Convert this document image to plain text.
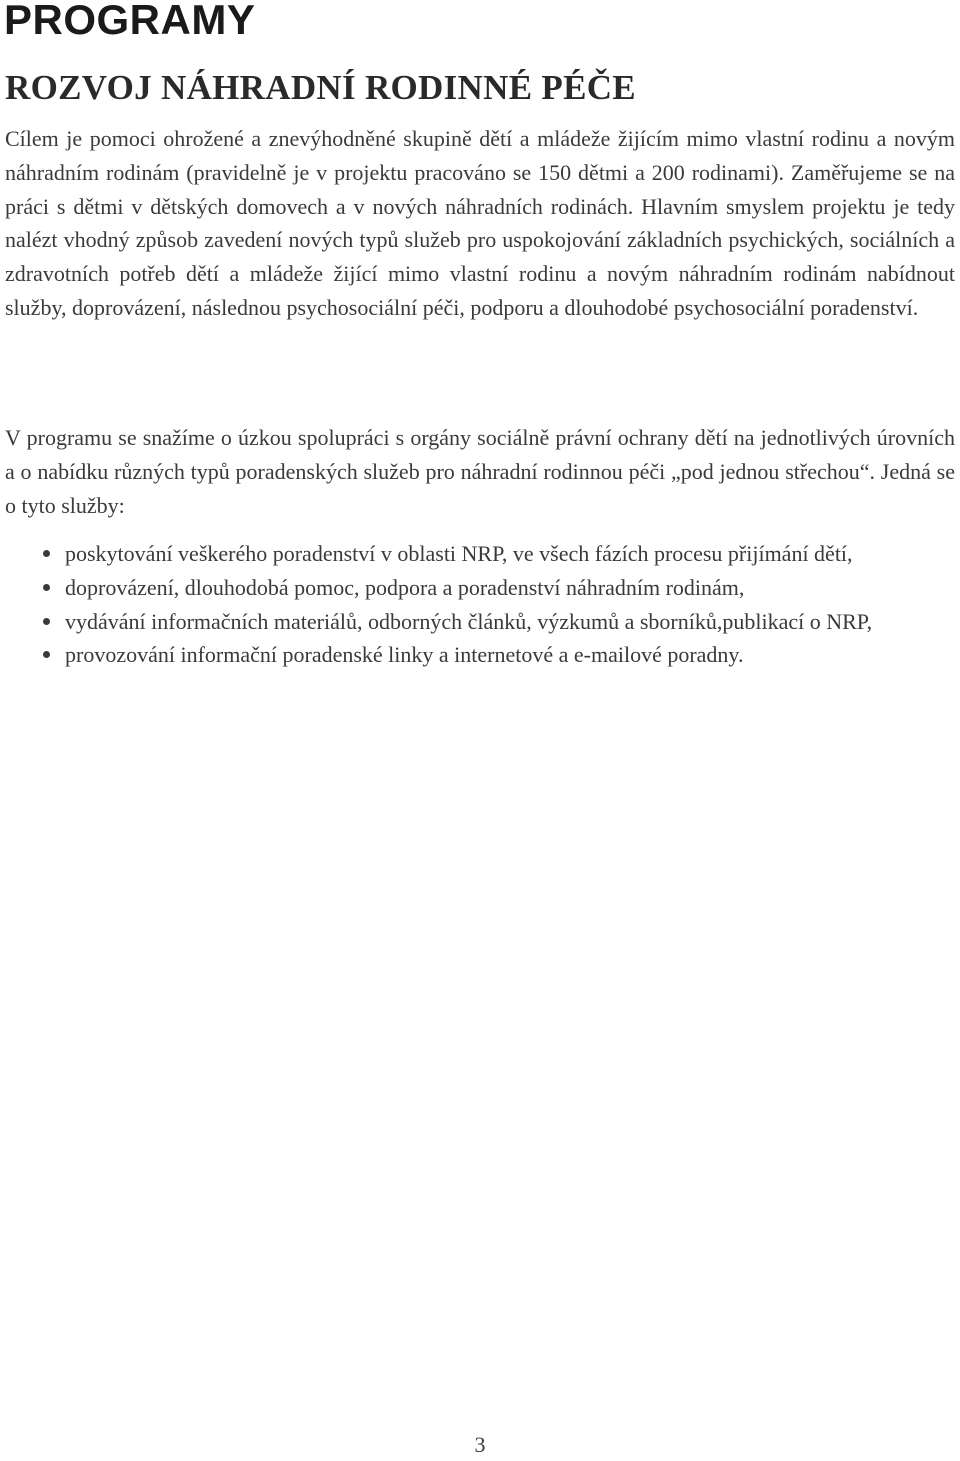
PROGRAMY
ROZVOJ NÁHRADNÍ RODINNÉ PÉČE

Cílem je pomoci ohrožené a znevýhodněné skupině dětí a mládeže žijícím mimo vlastní rodinu a novým náhradním rodinám (pravidelně je v projektu pracováno se 150 dětmi a 200 rodinami). Zaměřujeme se na práci s dětmi v dětských domovech a v nových náhradních rodinách. Hlavním smyslem projektu je tedy nalézt vhodný způsob zavedení nových typů služeb pro uspokojování základních psychických, sociálních a zdravotních potřeb dětí a mládeže žijící mimo vlastní rodinu a novým náhradním rodinám nabídnout služby, doprovázení, následnou psychosociální péči, podporu a dlouhodobé psychosociální poradenství.

V programu se snažíme o úzkou spolupráci s orgány sociálně právní ochrany dětí na jednotlivých úrovních a o nabídku různých typů poradenských služeb pro náhradní rodinnou péči „pod jednou střechou“. Jedná se o tyto služby:

poskytování veškerého poradenství v oblasti NRP, ve všech fázích procesu přijímání dětí,
doprovázení, dlouhodobá pomoc, podpora a poradenství náhradním rodinám,
vydávání informačních materiálů, odborných článků, výzkumů a sborníků,publikací o NRP,
provozování informační poradenské linky a internetové a e-mailové poradny.
3
